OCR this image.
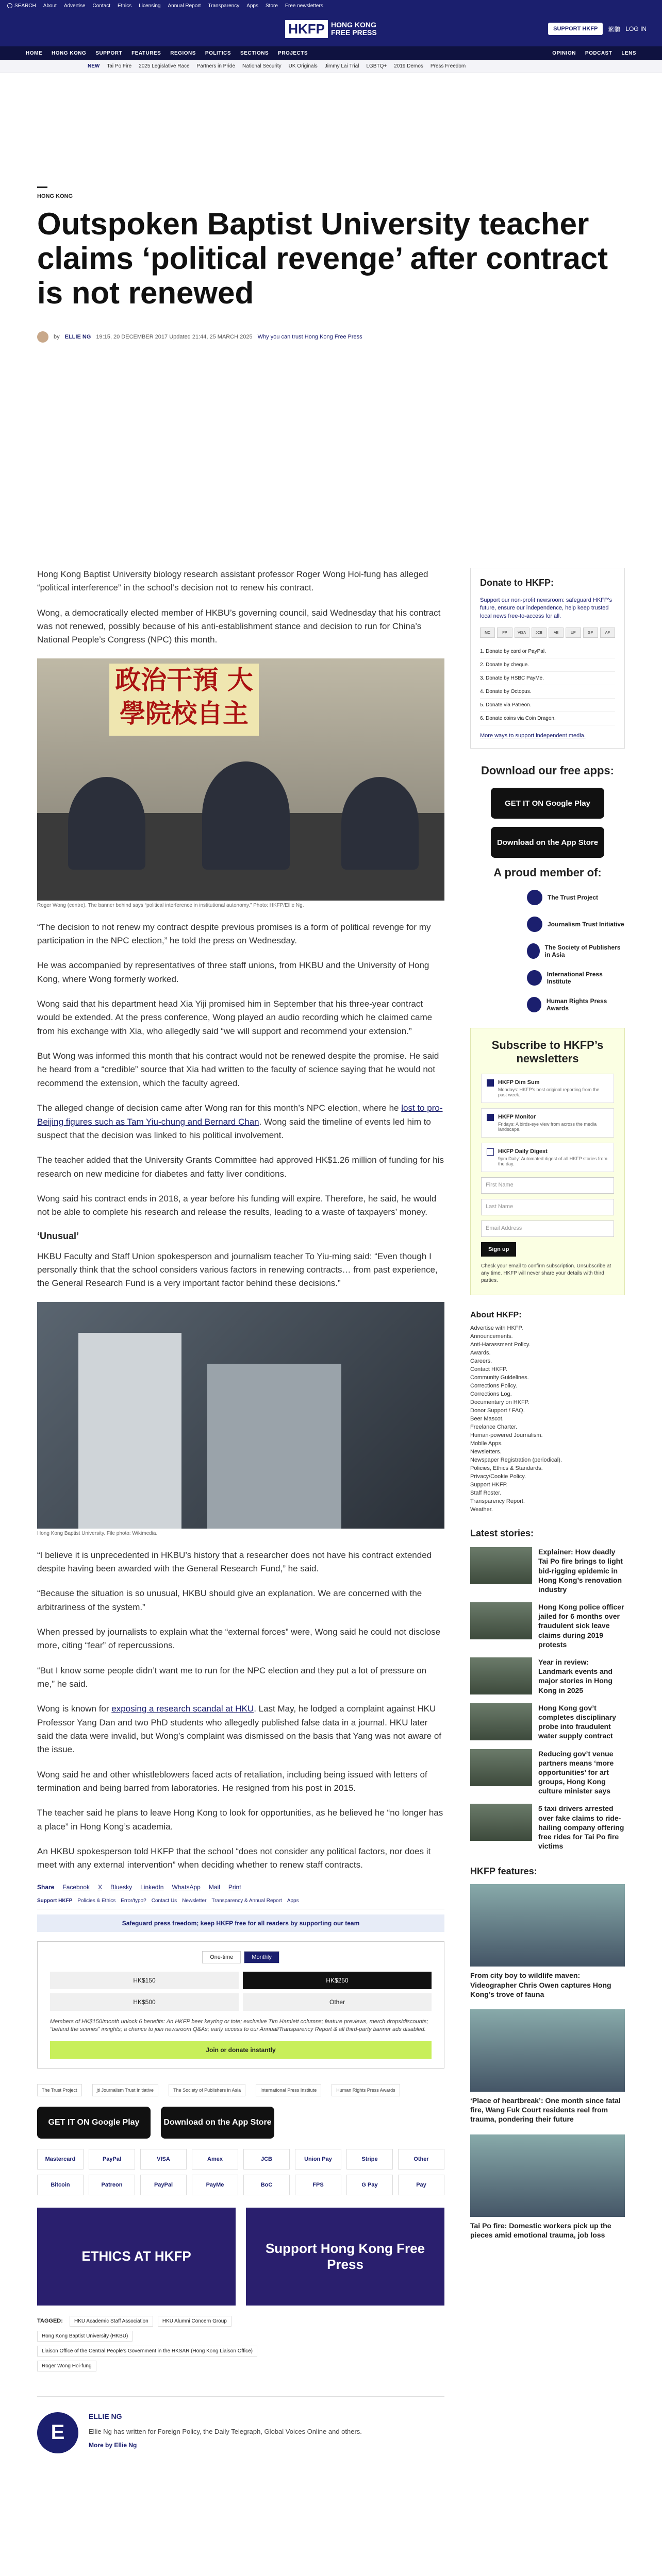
SEARCH About Advertise Contact Ethics Licensing Annual Report Transparency Apps Store Free newsletters
HKFP HONG KONG
FREE PRESS	SUPPORT HKFP	繁體 LOG IN
HOME HONG KONG SUPPORT FEATURES REGIONS POLITICS SECTIONS PROJECTS	OPINION PODCAST LENS
NEW Tai Po Fire 2025 Legislative Race Partners in Pride National Security UK Originals Jimmy Lai Trial LGBTQ+ 2019 Demos Press Freedom
HONG KONG
Outspoken Baptist University teacher claims ‘political revenge’ after contract is not renewed
by ELLIE NG 19:15, 20 DECEMBER 2017 Updated 21:44, 25 MARCH 2025 Why you can trust Hong Kong Free Press

Hong Kong Baptist University biology research assistant professor Roger Wong Hoi-fung has alleged “political interference” in the school’s decision not to renew his contract.

Wong, a democratically elected member of HKBU’s governing council, said Wednesday that his contract was not renewed, possibly because of his anti-establishment stance and decision to run for China’s National People’s Congress (NPC) this month.

政治干預 大學院校自主
Roger Wong (centre). The banner behind says “political interference in institutional autonomy.” Photo: HKFP/Ellie Ng.

“The decision to not renew my contract despite previous promises is a form of political revenge for my participation in the NPC election,” he told the press on Wednesday.

He was accompanied by representatives of three staff unions, from HKBU and the University of Hong Kong, where Wong formerly worked.

Wong said that his department head Xia Yiji promised him in September that his three-year contract would be extended. At the press conference, Wong played an audio recording which he claimed came from his exchange with Xia, who allegedly said “we will support and recommend your extension.”

But Wong was informed this month that his contract would not be renewed despite the promise. He said he heard from a “credible” source that Xia had written to the faculty of science saying that he would not recommend the extension, which the faculty agreed.

The alleged change of decision came after Wong ran for this month’s NPC election, where he lost to pro-Beijing figures such as Tam Yiu-chung and Bernard Chan. Wong said the timeline of events led him to suspect that the decision was linked to his political involvement.

The teacher added that the University Grants Committee had approved HK$1.26 million of funding for his research on new medicine for diabetes and fatty liver conditions.

Wong said his contract ends in 2018, a year before his funding will expire. Therefore, he said, he would not be able to complete his research and release the results, leading to a waste of taxpayers’ money.

‘Unusual’

HKBU Faculty and Staff Union spokesperson and journalism teacher To Yiu-ming said: “Even though I personally think that the school considers various factors in renewing contracts… from past experience, the General Research Fund is a very important factor behind these decisions.”

Hong Kong Baptist University. File photo: Wikimedia.

“I believe it is unprecedented in HKBU’s history that a researcher does not have his contract extended despite having been awarded with the General Research Fund,” he said.

“Because the situation is so unusual, HKBU should give an explanation. We are concerned with the arbitrariness of the system.”

When pressed by journalists to explain what the “external forces” were, Wong said he could not disclose more, citing “fear” of repercussions.

“But I know some people didn’t want me to run for the NPC election and they put a lot of pressure on me,” he said.

Wong is known for exposing a research scandal at HKU. Last May, he lodged a complaint against HKU Professor Yang Dan and two PhD students who allegedly published false data in a journal. HKU later said the data were invalid, but Wong’s complaint was dismissed on the basis that Yang was not aware of the issue.

Wong said he and other whistleblowers faced acts of retaliation, including being issued with letters of termination and being barred from laboratories. He resigned from his post in 2015.

The teacher said he plans to leave Hong Kong to look for opportunities, as he believed he “no longer has a place” in Hong Kong’s academia.

An HKBU spokesperson told HKFP that the school “does not consider any political factors, nor does it meet with any external intervention” when deciding whether to renew staff contracts.

Share Facebook X Bluesky LinkedIn WhatsApp Mail Print
Support HKFP Policies & Ethics Error/typo? Contact Us Newsletter Transparency & Annual Report Apps
Safeguard press freedom; keep HKFP free for all readers by supporting our team
One-time	Monthly
HK$150	HK$250
HK$500	Other
Members of HK$150/month unlock 6 benefits: An HKFP beer keyring or tote; exclusive Tim Hamlett columns; feature previews, merch drops/discounts; “behind the scenes” insights; a chance to join newsroom Q&As; early access to our Annual/Transparency Report & all third-party banner ads disabled.
Join or donate instantly
The Trust Project	jti Journalism Trust Initiative	The Society of Publishers in Asia	International Press Institute	Human Rights Press Awards
GET IT ON Google Play	Download on the App Store
Mastercard	PayPal	VISA	Amex	JCB	Union Pay	Stripe	Other
Bitcoin	Patreon	PayPal	PayMe	BoC	FPS	G Pay	Pay
ETHICS AT HKFP
Support Hong Kong Free Press
TAGGED: HKU Academic Staff Association	HKU Alumni Concern Group
Hong Kong Baptist University (HKBU)
Liaison Office of the Central People's Government in the HKSAR (Hong Kong Liaison Office)
Roger Wong Hoi-fung
E
ELLIE NG
Ellie Ng has written for Foreign Policy, the Daily Telegraph, Global Voices Online and others.
More by Ellie Ng
Donate to HKFP:
Support our non-profit newsroom: safeguard HKFP’s future, ensure our independence, help keep trusted local news free-to-access for all.
MC	PP	VISA	JCB	AE	UP	GP	AP
1. Donate by card or PayPal.
2. Donate by cheque.
3. Donate by HSBC PayMe.
4. Donate by Octopus.
5. Donate via Patreon.
6. Donate coins via Coin Dragon.
More ways to support independent media.
Download our free apps:
GET IT ON Google Play
Download on the App Store
A proud member of:
The Trust Project
Journalism Trust Initiative
The Society of Publishers in Asia
International Press Institute
Human Rights Press Awards
Subscribe to HKFP’s newsletters
HKFP Dim Sum
Mondays: HKFP’s best original reporting from the past week.
HKFP Monitor
Fridays: A birds-eye view from across the media landscape.
HKFP Daily Digest
9pm Daily: Automated digest of all HKFP stories from the day.
First Name
Last Name
Email Address
Sign up
Check your email to confirm subscription. Unsubscribe at any time. HKFP will never share your details with third parties.
About HKFP:
Advertise with HKFP.
Announcements.
Anti-Harassment Policy.
Awards.
Careers.
Contact HKFP.
Community Guidelines.
Corrections Policy.
Corrections Log.
Documentary on HKFP.
Donor Support / FAQ.
Beer Mascot.
Freelance Charter.
Human-powered Journalism.
Mobile Apps.
Newsletters.
Newspaper Registration (periodical).
Policies, Ethics & Standards.
Privacy/Cookie Policy.
Support HKFP.
Staff Roster.
Transparency Report.
Weather.
Latest stories:
Explainer: How deadly Tai Po fire brings to light bid-rigging epidemic in Hong Kong’s renovation industry
Hong Kong police officer jailed for 6 months over fraudulent sick leave claims during 2019 protests
Year in review: Landmark events and major stories in Hong Kong in 2025
Hong Kong gov’t completes disciplinary probe into fraudulent water supply contract
Reducing gov’t venue partners means ‘more opportunities’ for art groups, Hong Kong culture minister says
5 taxi drivers arrested over fake claims to ride-hailing company offering free rides for Tai Po fire victims
HKFP features:
From city boy to wildlife maven: Videographer Chris Owen captures Hong Kong’s trove of fauna
‘Place of heartbreak’: One month since fatal fire, Wang Fuk Court residents reel from trauma, pondering their future
Tai Po fire: Domestic workers pick up the pieces amid emotional trauma, job loss
